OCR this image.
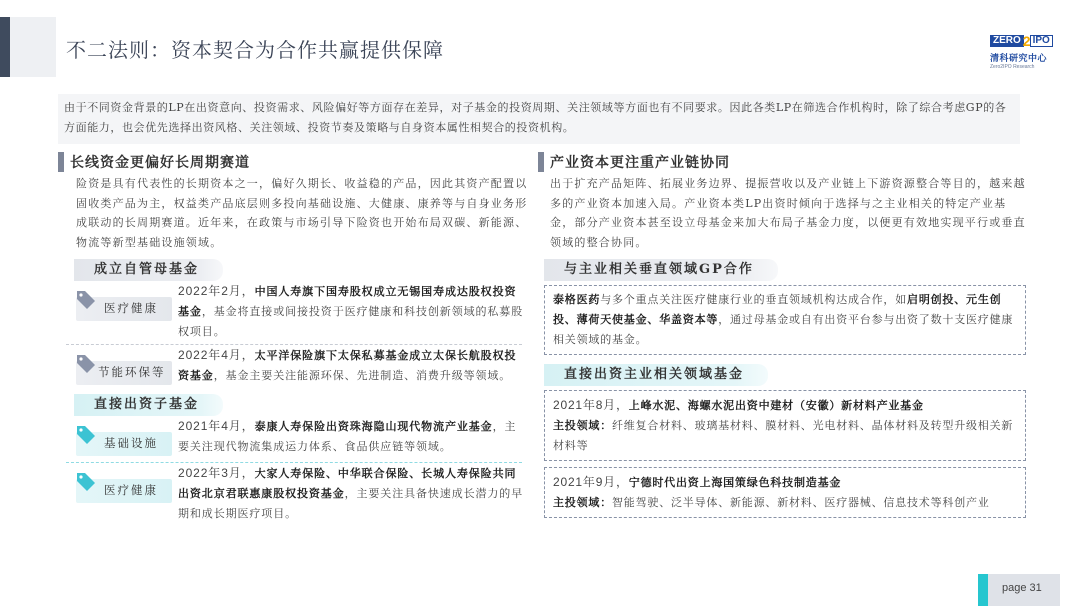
不二法则：资本契合为合作共赢提供保障	ZERO 2 IPO
清科研究中心
Zero2IPO Research
由于不同资金背景的LP在出资意向、投资需求、风险偏好等方面存在差异，对子基金的投资周期、关注领域等方面也有不同要求。因此各类LP在筛选合作机构时，除了综合考虑GP的各方面能力，也会优先选择出资风格、关注领域、投资节奏及策略与自身资本属性相契合的投资机构。
长线资金更偏好长周期赛道
险资是具有代表性的长期资本之一，偏好久期长、收益稳的产品，因此其资产配置以固收类产品为主，权益类产品底层则多投向基础设施、大健康、康养等与自身业务形成联动的长周期赛道。近年来，在政策与市场引导下险资也开始布局双碳、新能源、物流等新型基础设施领域。
成立自管母基金
医疗健康
2022年2月，中国人寿旗下国寿股权成立无锡国寿成达股权投资基金，基金将直接或间接投资于医疗健康和科技创新领域的私募股权项目。
节能环保等
2022年4月，太平洋保险旗下太保私募基金成立太保长航股权投资基金，基金主要关注能源环保、先进制造、消费升级等领域。
直接出资子基金
基础设施
2021年4月，泰康人寿保险出资珠海隐山现代物流产业基金，主要关注现代物流集成运力体系、食品供应链等领域。
医疗健康
2022年3月，大家人寿保险、中华联合保险、长城人寿保险共同出资北京君联惠康股权投资基金，主要关注具备快速成长潜力的早期和成长期医疗项目。
产业资本更注重产业链协同
出于扩充产品矩阵、拓展业务边界、提振营收以及产业链上下游资源整合等目的，越来越多的产业资本加速入局。产业资本类LP出资时倾向于选择与之主业相关的特定产业基金，部分产业资本甚至设立母基金来加大布局子基金力度，以便更有效地实现平行或垂直领域的整合协同。
与主业相关垂直领域GP合作
泰格医药与多个重点关注医疗健康行业的垂直领域机构达成合作，如启明创投、元生创投、薄荷天使基金、华盖资本等，通过母基金或自有出资平台参与出资了数十支医疗健康相关领域的基金。
直接出资主业相关领域基金
2021年8月，上峰水泥、海螺水泥出资中建材（安徽）新材料产业基金
主投领域：纤维复合材料、玻璃基材料、膜材料、光电材料、晶体材料及转型升级相关新材料等
2021年9月，宁德时代出资上海国策绿色科技制造基金
主投领域：智能驾驶、泛半导体、新能源、新材料、医疗器械、信息技术等科创产业
page 31
